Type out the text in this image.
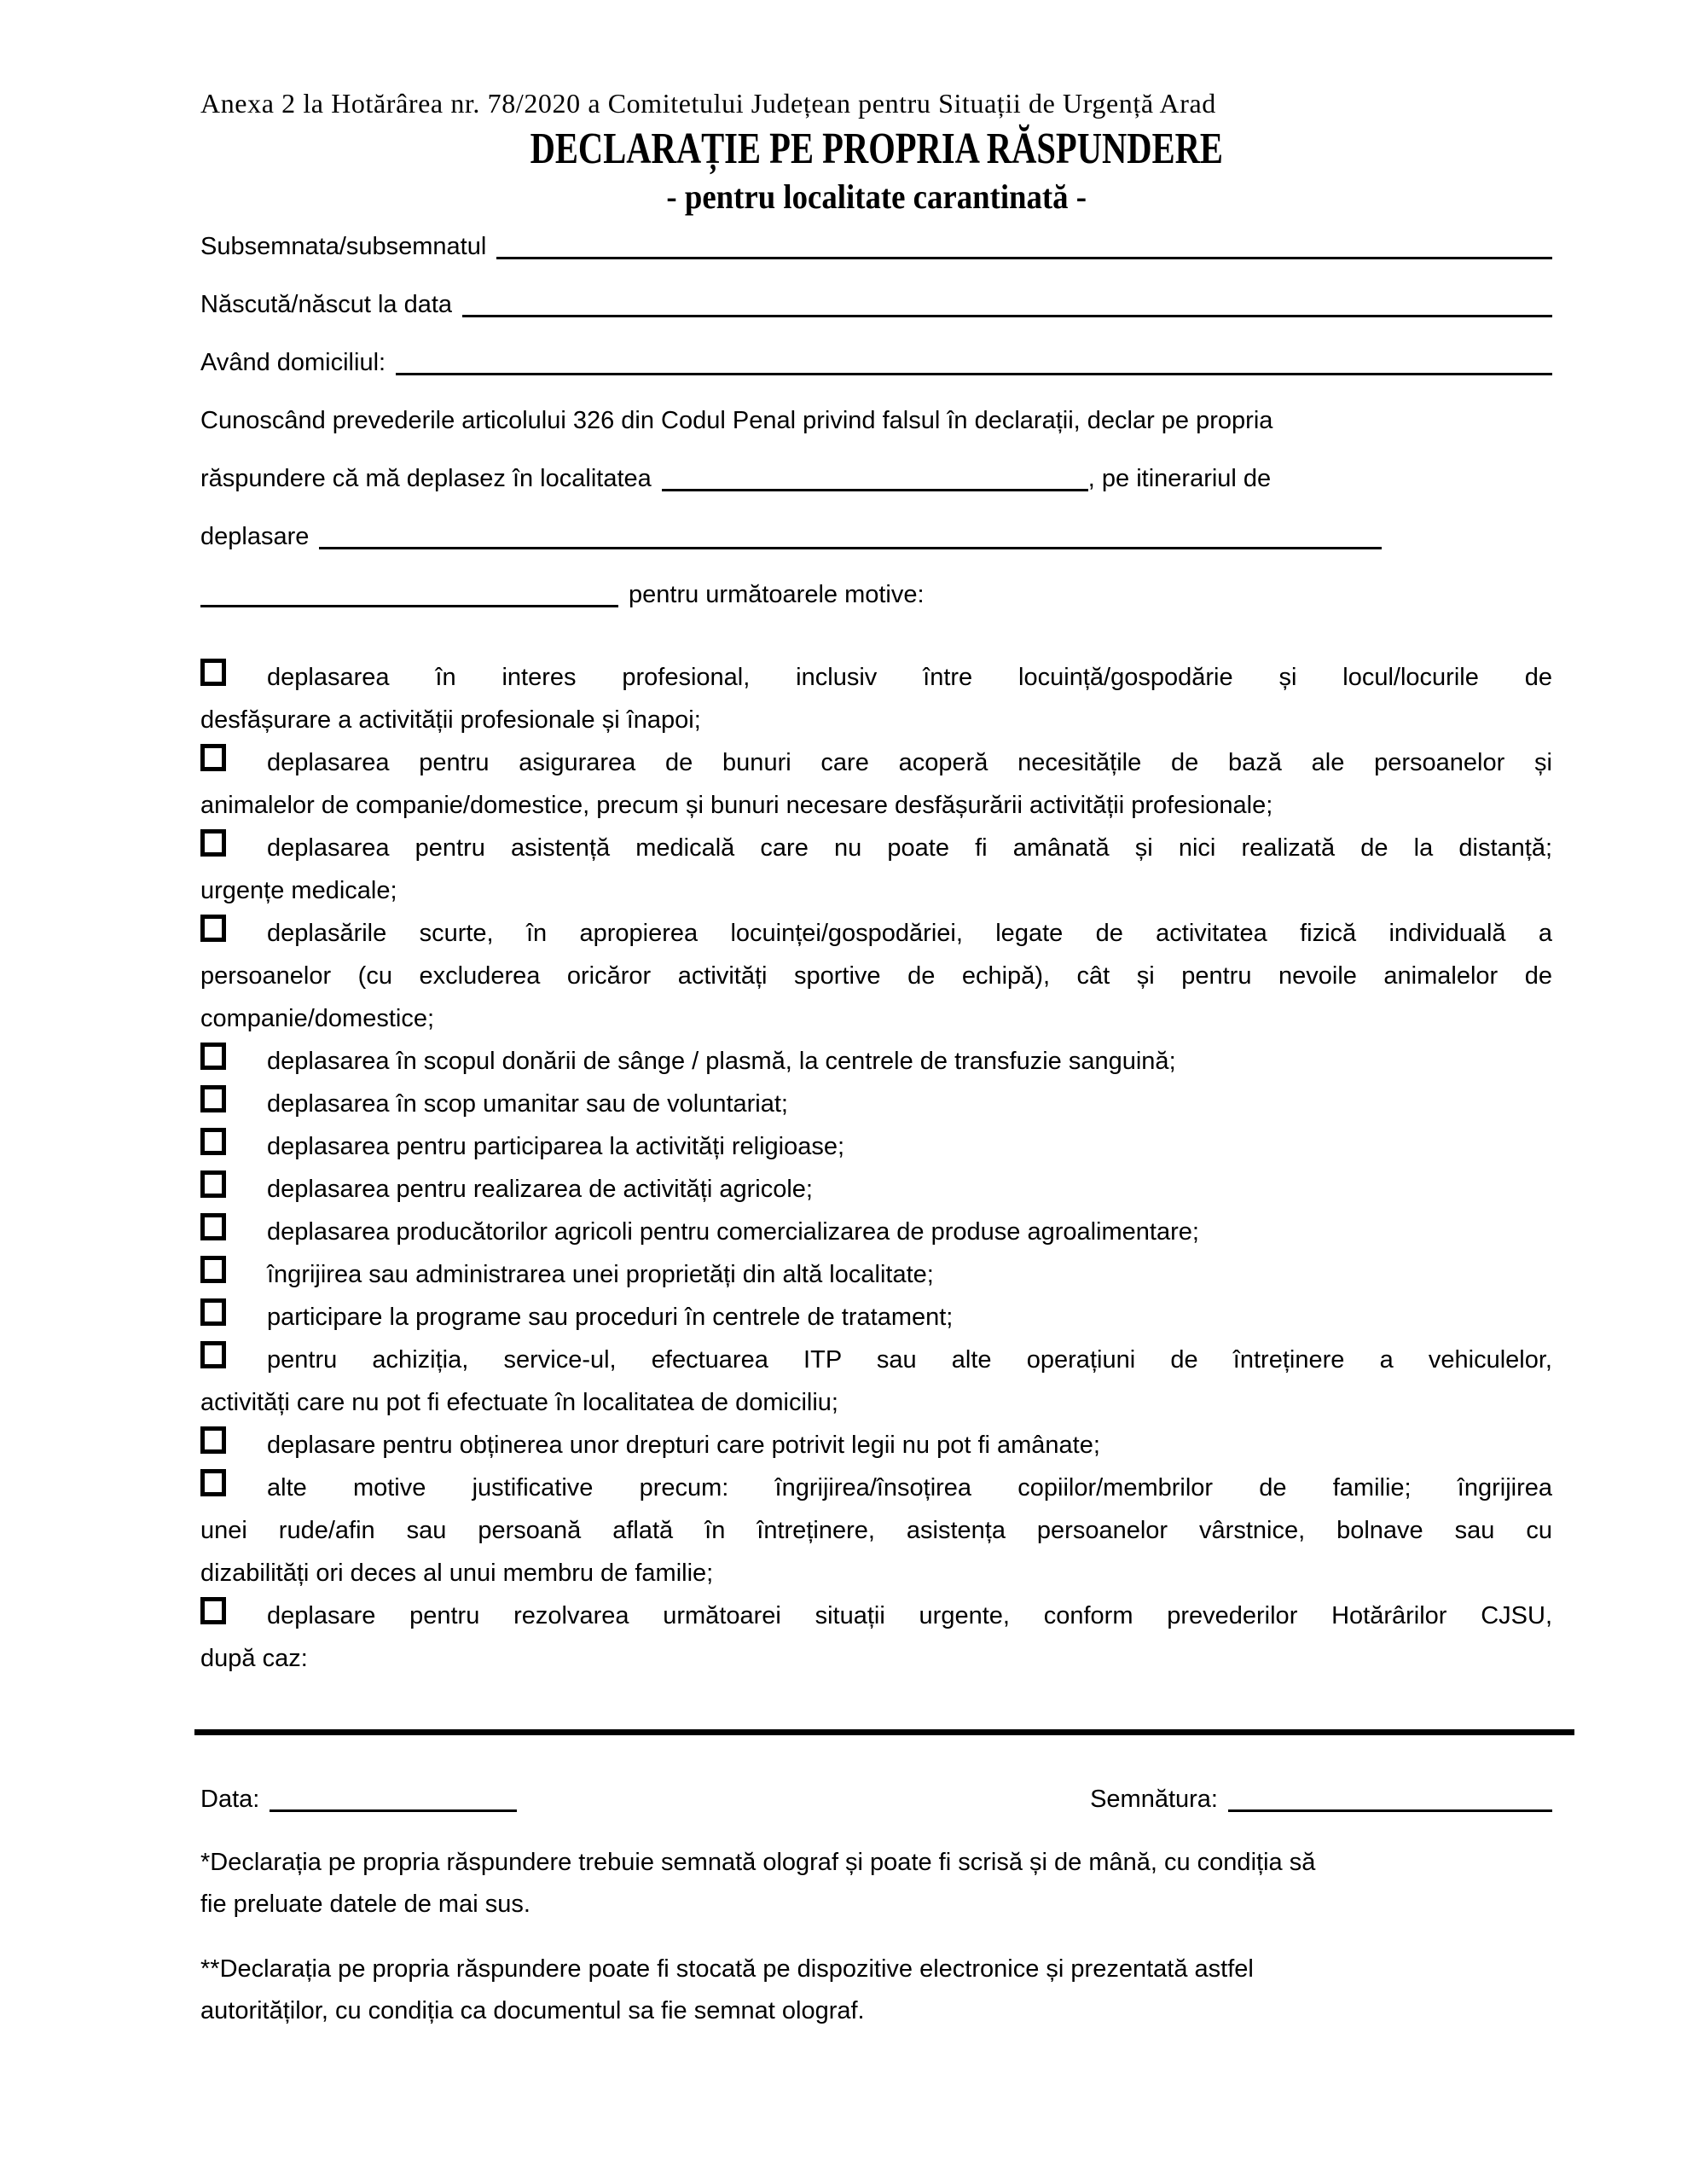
Anexa 2 la Hotărârea nr. 78/2020 a Comitetului Județean pentru Situații de Urgență Arad
DECLARAȚIE PE PROPRIA RĂSPUNDERE
- pentru localitate carantinată -
Subsemnata/subsemnatul
Născută/născut la data
Având domiciliul:
Cunoscând prevederile articolului 326 din Codul Penal privind falsul în declarații, declar pe propria
răspundere că mă deplasez în localitatea	, pe itinerariul de
deplasare
pentru următoarele motive:
deplasarea în interes profesional, inclusiv între locuință/gospodărie și locul/locurile de
desfășurare a activității profesionale și înapoi;
deplasarea pentru asigurarea de bunuri care acoperă necesitățile de bază ale persoanelor și
animalelor de companie/domestice, precum și bunuri necesare desfășurării activității profesionale;
deplasarea pentru asistență medicală care nu poate fi amânată și nici realizată de la distanță;
urgențe medicale;
deplasările scurte, în apropierea locuinței/gospodăriei, legate de activitatea fizică individuală a
persoanelor (cu excluderea oricăror activități sportive de echipă), cât și pentru nevoile animalelor de
companie/domestice;
deplasarea în scopul donării de sânge / plasmă, la centrele de transfuzie sanguină;
deplasarea în scop umanitar sau de voluntariat;
deplasarea pentru participarea la activități religioase;
deplasarea pentru realizarea de activități agricole;
deplasarea producătorilor agricoli pentru comercializarea de produse agroalimentare;
îngrijirea sau administrarea unei proprietăți din altă localitate;
participare la programe sau proceduri în centrele de tratament;
pentru achiziția, service-ul, efectuarea ITP sau alte operațiuni de întreținere a vehiculelor,
activități care nu pot fi efectuate în localitatea de domiciliu;
deplasare pentru obținerea unor drepturi care potrivit legii nu pot fi amânate;
alte motive justificative precum: îngrijirea/însoțirea copiilor/membrilor de familie; îngrijirea
unei rude/afin sau persoană aflată în întreținere, asistența persoanelor vârstnice, bolnave sau cu
dizabilități ori deces al unui membru de familie;
deplasare pentru rezolvarea următoarei situații urgente, conform prevederilor Hotărârilor CJSU,
după caz:
Data:	Semnătura:
*Declarația pe propria răspundere trebuie semnată olograf și poate fi scrisă și de mână, cu condiția să
fie preluate datele de mai sus.
**Declarația pe propria răspundere poate fi stocată pe dispozitive electronice și prezentată astfel
autorităților, cu condiția ca documentul sa fie semnat olograf.
